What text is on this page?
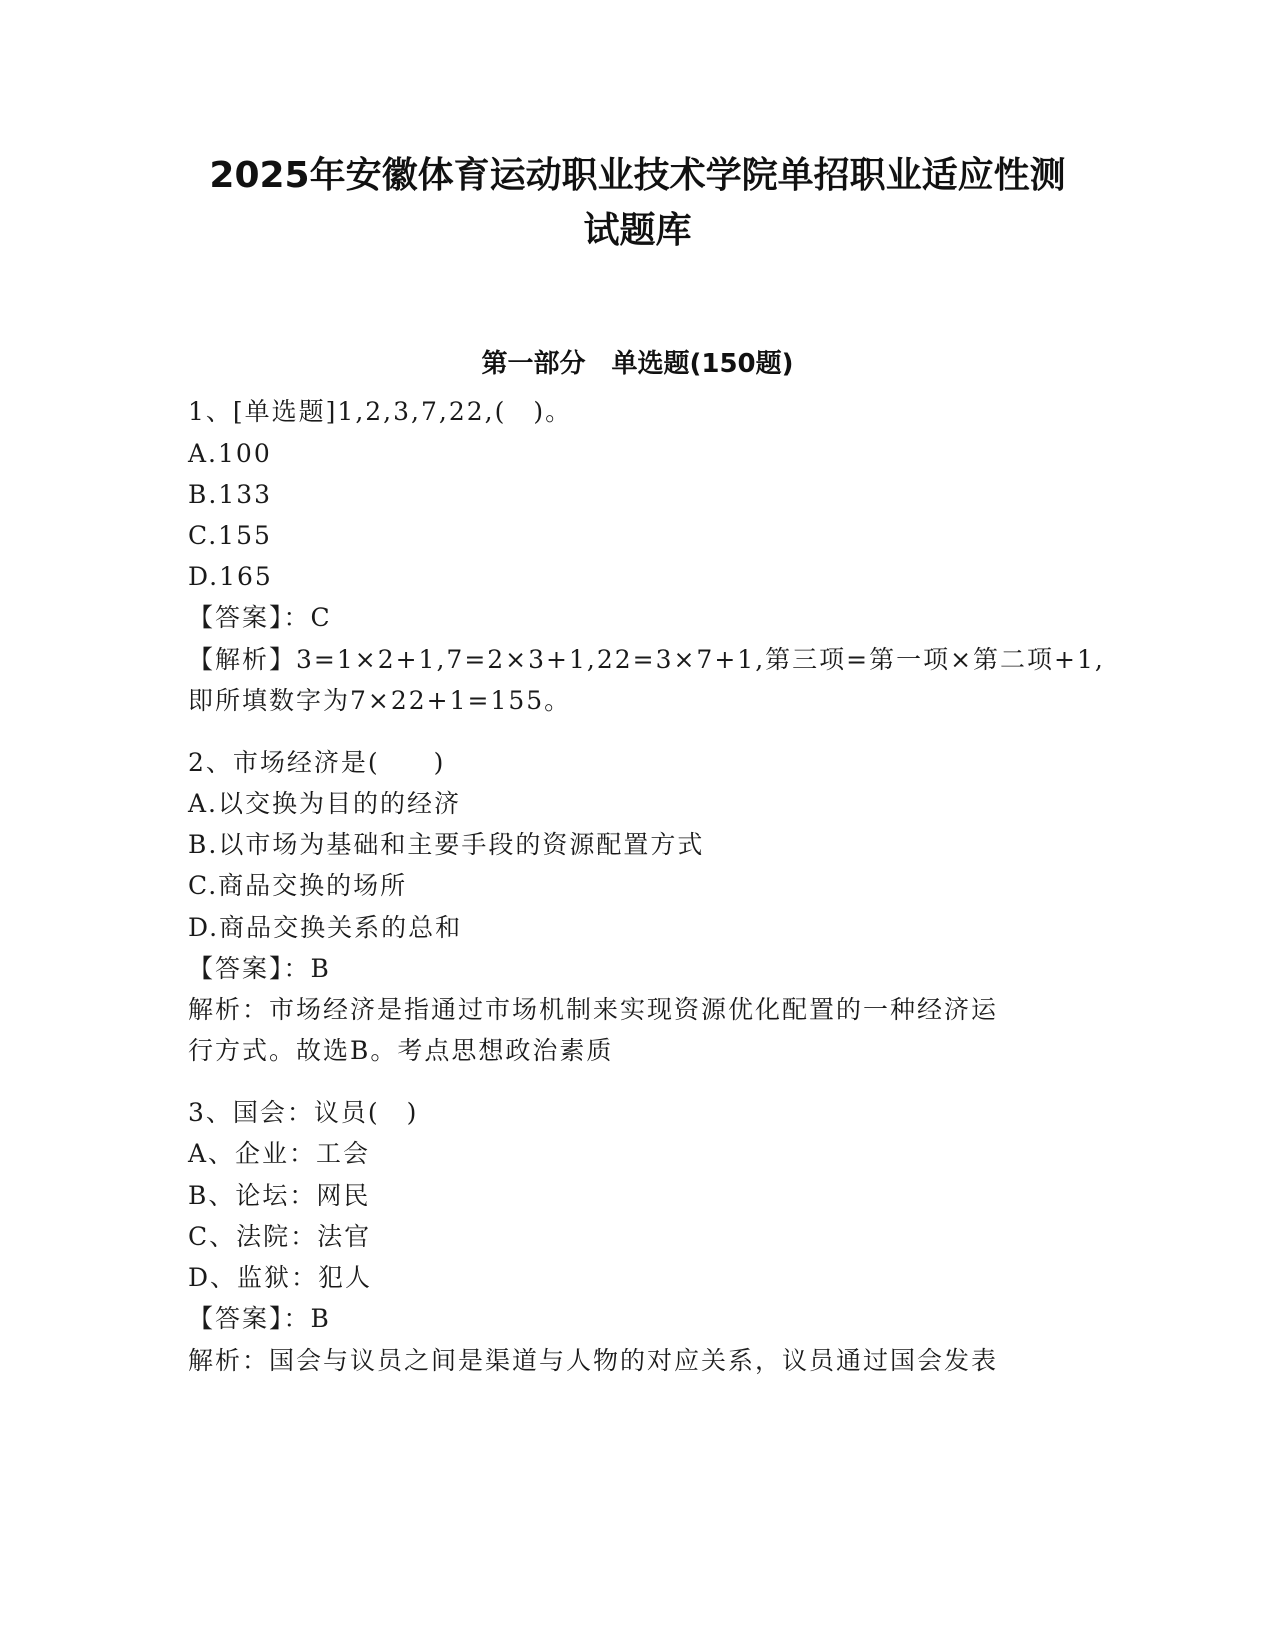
2025年安徽体育运动职业技术学院单招职业适应性测
试题库
第一部分　单选题(150题)
1、[单选题]1,2,3,7,22,(　)。
A.100
B.133
C.155
D.165
【答案】：C
【解析】3=1×2+1,7=2×3+1,22=3×7+1,第三项=第一项×第二项+1,
即所填数字为7×22+1=155。
2、市场经济是(　　)
A.以交换为目的的经济
B.以市场为基础和主要手段的资源配置方式
C.商品交换的场所
D.商品交换关系的总和
【答案】：B
解析：市场经济是指通过市场机制来实现资源优化配置的一种经济运
行方式。故选B。考点思想政治素质
3、国会：议员(　)
A、企业：工会
B、论坛：网民
C、法院：法官
D、监狱：犯人
【答案】：B
解析：国会与议员之间是渠道与人物的对应关系，议员通过国会发表
